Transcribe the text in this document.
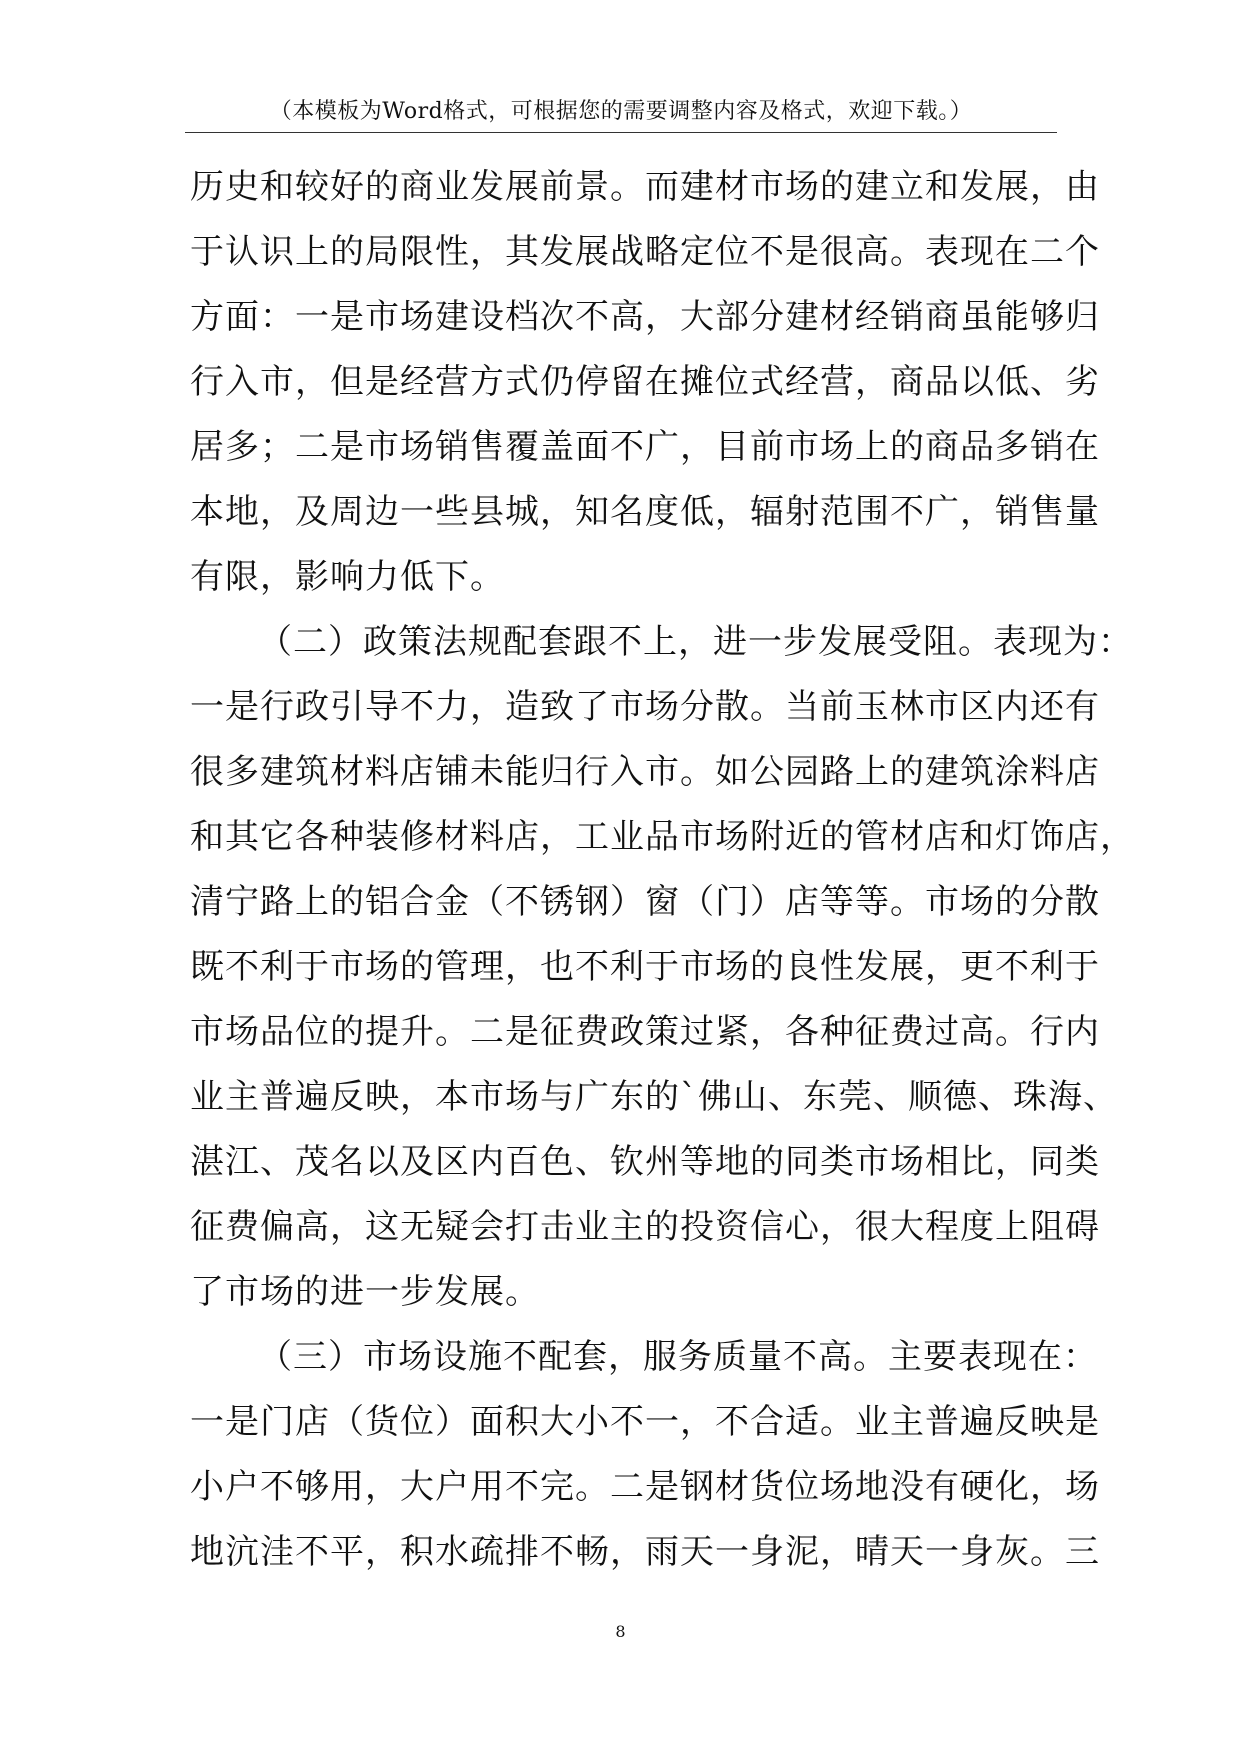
（本模板为Word格式，可根据您的需要调整内容及格式，欢迎下载。）
历史和较好的商业发展前景。而建材市场的建立和发展，由
于认识上的局限性，其发展战略定位不是很高。表现在二个
方面：一是市场建设档次不高，大部分建材经销商虽能够归
行入市，但是经营方式仍停留在摊位式经营，商品以低、劣
居多；二是市场销售覆盖面不广，目前市场上的商品多销在
本地，及周边一些县城，知名度低，辐射范围不广，销售量
有限，影响力低下。
（二）政策法规配套跟不上，进一步发展受阻。表现为：
一是行政引导不力，造致了市场分散。当前玉林市区内还有
很多建筑材料店铺未能归行入市。如公园路上的建筑涂料店
和其它各种装修材料店，工业品市场附近的管材店和灯饰店，
清宁路上的铝合金（不锈钢）窗（门）店等等。市场的分散
既不利于市场的管理，也不利于市场的良性发展，更不利于
市场品位的提升。二是征费政策过紧，各种征费过高。行内
业主普遍反映，本市场与广东的`佛山、东莞、顺德、珠海、
湛江、茂名以及区内百色、钦州等地的同类市场相比，同类
征费偏高，这无疑会打击业主的投资信心，很大程度上阻碍
了市场的进一步发展。
（三）市场设施不配套，服务质量不高。主要表现在：
一是门店（货位）面积大小不一，不合适。业主普遍反映是
小户不够用，大户用不完。二是钢材货位场地没有硬化，场
地沆洼不平，积水疏排不畅，雨天一身泥，晴天一身灰。三
8
